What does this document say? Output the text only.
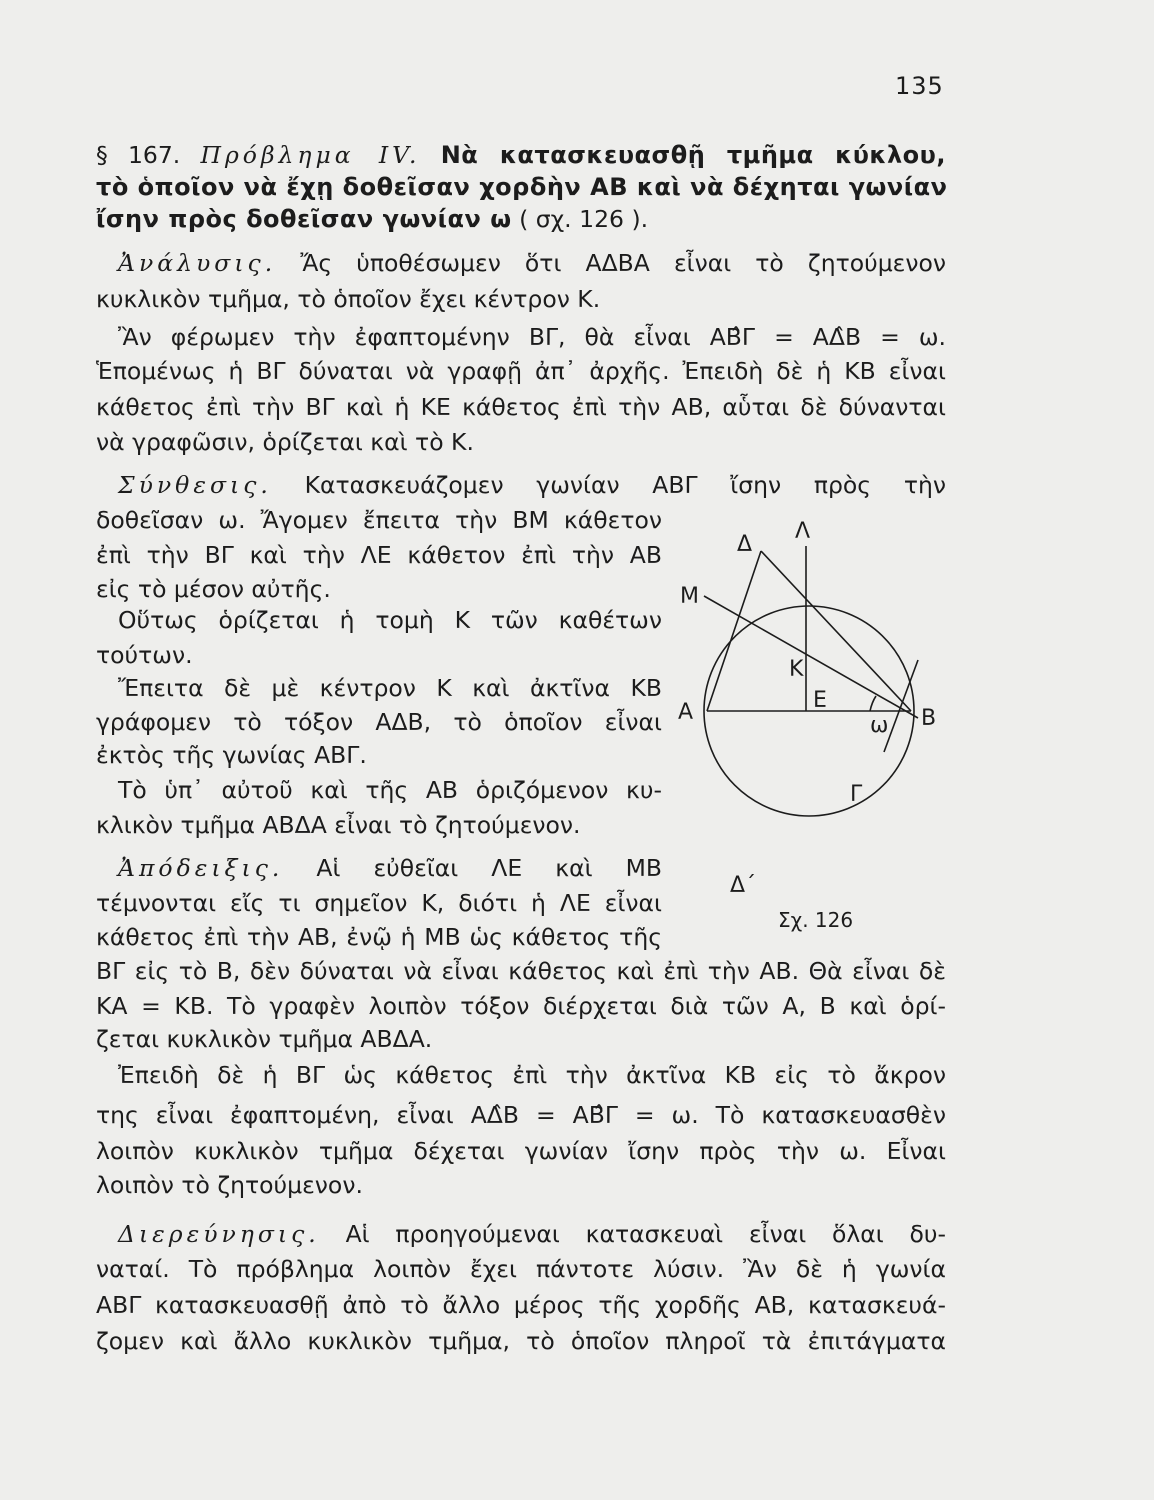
135
§ 167. Πρόβλημα IV. Νὰ κατασκευασθῇ τμῆμα κύκλου,
τὸ ὁποῖον νὰ ἔχῃ δοθεῖσαν χορδὴν ΑΒ καὶ νὰ δέχηται γωνίαν
ἴσην πρὸς δοθεῖσαν γωνίαν ω ( σχ. 126 ).
Ἀνάλυσις. Ἄς ὑποθέσωμεν ὅτι ΑΔΒΑ εἶναι τὸ ζητούμενον
κυκλικὸν τμῆμα, τὸ ὁποῖον ἔχει κέντρον Κ.
Ἂν φέρωμεν τὴν ἐφαπτομένην ΒΓ, θὰ εἶναι ΑΒ̂Γ = ΑΔ̂Β = ω.
Ἑπομένως ἡ ΒΓ δύναται νὰ γραφῇ ἀπ᾽ ἀρχῆς. Ἐπειδὴ δὲ ἡ ΚΒ εἶναι
κάθετος ἐπὶ τὴν ΒΓ καὶ ἡ ΚΕ κάθετος ἐπὶ τὴν ΑΒ, αὗται δὲ δύνανται
νὰ γραφῶσιν, ὁρίζεται καὶ τὸ Κ.
Σύνθεσις. Κατασκευάζομεν γωνίαν ΑΒΓ ἴσην πρὸς τὴν
δοθεῖσαν ω. Ἄγομεν ἔπειτα τὴν ΒΜ κάθετον
ἐπὶ τὴν ΒΓ καὶ τὴν ΛΕ κάθετον ἐπὶ τὴν ΑΒ
εἰς τὸ μέσον αὐτῆς.
Οὕτως ὁρίζεται ἡ τομὴ Κ τῶν καθέτων
τούτων.
Ἔπειτα δὲ μὲ κέντρον Κ καὶ ἀκτῖνα ΚΒ
γράφομεν τὸ τόξον ΑΔΒ, τὸ ὁποῖον εἶναι
ἐκτὸς τῆς γωνίας ΑΒΓ.
Τὸ ὑπ᾽ αὐτοῦ καὶ τῆς ΑΒ ὁριζόμενον κυ-
κλικὸν τμῆμα ΑΒΔΑ εἶναι τὸ ζητούμενον.
Ἀπόδειξις. Αἱ εὐθεῖαι ΛΕ καὶ ΜΒ
τέμνονται εἴς τι σημεῖον Κ, διότι ἡ ΛΕ εἶναι
κάθετος ἐπὶ τὴν ΑΒ, ἐνῷ ἡ ΜΒ ὡς κάθετος τῆς
ΒΓ εἰς τὸ Β, δὲν δύναται νὰ εἶναι κάθετος καὶ ἐπὶ τὴν ΑΒ. Θὰ εἶναι δὲ
ΚΑ = ΚΒ. Τὸ γραφὲν λοιπὸν τόξον διέρχεται διὰ τῶν Α, Β καὶ ὁρί-
ζεται κυκλικὸν τμῆμα ΑΒΔΑ.
Ἐπειδὴ δὲ ἡ ΒΓ ὡς κάθετος ἐπὶ τὴν ἀκτῖνα ΚΒ εἰς τὸ ἄκρον
της εἶναι ἐφαπτομένη, εἶναι ΑΔ̂Β = ΑΒ̂Γ = ω. Τὸ κατασκευασθὲν
λοιπὸν κυκλικὸν τμῆμα δέχεται γωνίαν ἴσην πρὸς τὴν ω. Εἶναι
λοιπὸν τὸ ζητούμενον.
Διερεύνησις. Αἱ προηγούμεναι κατασκευαὶ εἶναι ὅλαι δυ-
ναταί. Τὸ πρόβλημα λοιπὸν ἔχει πάντοτε λύσιν. Ἂν δὲ ἡ γωνία
ΑΒΓ κατασκευασθῇ ἀπὸ τὸ ἄλλο μέρος τῆς χορδῆς ΑΒ, κατασκευά-
ζομεν καὶ ἄλλο κυκλικὸν τμῆμα, τὸ ὁποῖον πληροῖ τὰ ἐπιτάγματα
Δ
Λ
Μ
Κ
Ε
Α	Β
ω
Γ
Δ΄
Σχ. 126
